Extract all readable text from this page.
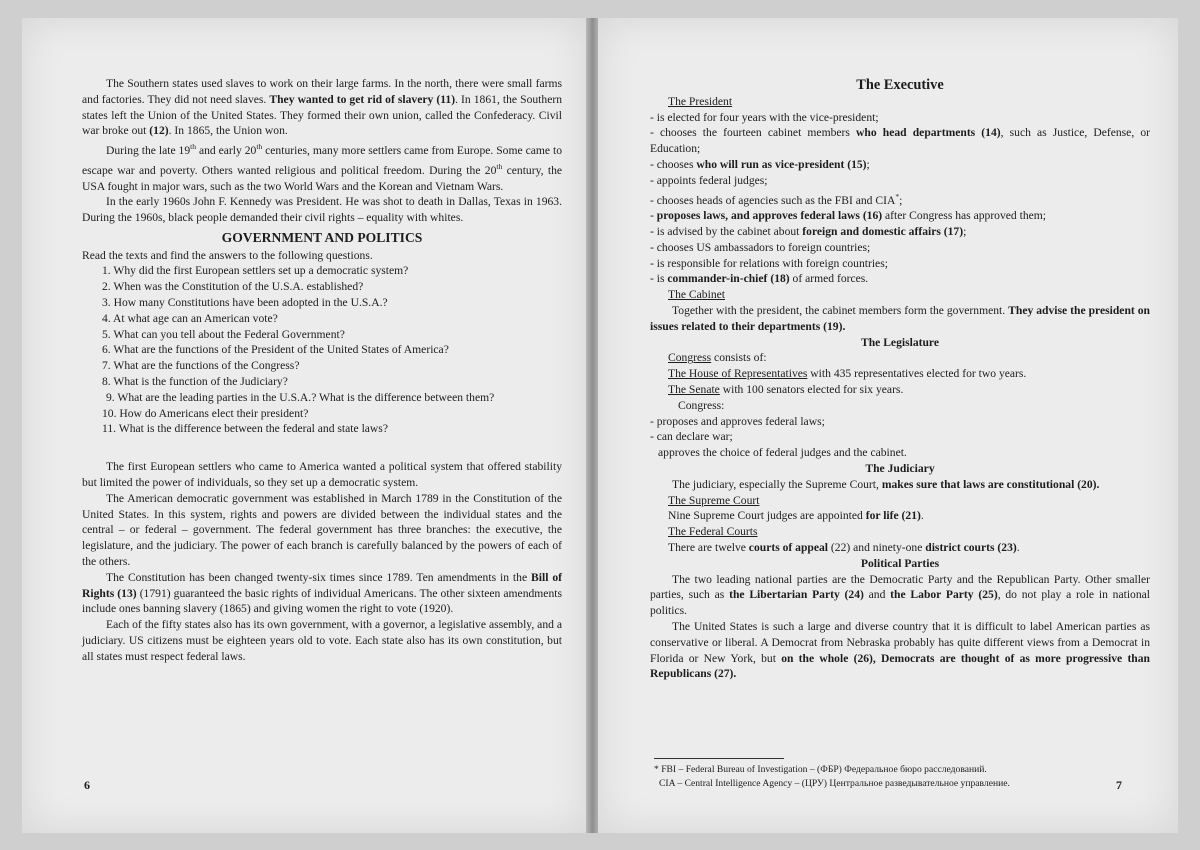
The Southern states used slaves to work on their large farms. In the north, there were small farms and factories. They did not need slaves. They wanted to get rid of slavery (11). In 1861, the Southern states left the Union of the United States. They formed their own union, called the Confederacy. Civil war broke out (12). In 1865, the Union won.

During the late 19th and early 20th centuries, many more settlers came from Europe. Some came to escape war and poverty. Others wanted religious and political freedom. During the 20th century, the USA fought in major wars, such as the two World Wars and the Korean and Vietnam Wars.

In the early 1960s John F. Kennedy was President. He was shot to death in Dallas, Texas in 1963. During the 1960s, black people demanded their civil rights – equality with whites.

GOVERNMENT AND POLITICS

Read the texts and find the answers to the following questions.

1. Why did the first European settlers set up a democratic system?

2. When was the Constitution of the U.S.A. established?

3. How many Constitutions have been adopted in the U.S.A.?

4. At what age can an American vote?

5. What can you tell about the Federal Government?

6. What are the functions of the President of the United States of America?

7. What are the functions of the Congress?

8. What is the function of the Judiciary?

9. What are the leading parties in the U.S.A.? What is the difference between them?

10. How do Americans elect their president?

11. What is the difference between the federal and state laws?

The first European settlers who came to America wanted a political system that offered stability but limited the power of individuals, so they set up a democratic system.

The American democratic government was established in March 1789 in the Constitution of the United States. In this system, rights and powers are divided between the individual states and the central – or federal – government. The federal government has three branches: the executive, the legislature, and the judiciary. The power of each branch is carefully balanced by the powers of each of the others.

The Constitution has been changed twenty-six times since 1789. Ten amendments in the Bill of Rights (13) (1791) guaranteed the basic rights of individual Americans. The other sixteen amendments include ones banning slavery (1865) and giving women the right to vote (1920).

Each of the fifty states also has its own government, with a governor, a legislative assembly, and a judiciary. US citizens must be eighteen years old to vote. Each state also has its own constitution, but all states must respect federal laws.

6
The Executive
The President

- is elected for four years with the vice-president;

- chooses the fourteen cabinet members who head departments (14), such as Justice, Defense, or Education;

- chooses who will run as vice-president (15);

- appoints federal judges;

- chooses heads of agencies such as the FBI and CIA*;

- proposes laws, and approves federal laws (16) after Congress has approved them;

- is advised by the cabinet about foreign and domestic affairs (17);

- chooses US ambassadors to foreign countries;

- is responsible for relations with foreign countries;

- is commander-in-chief (18) of armed forces.

The Cabinet

Together with the president, the cabinet members form the government. They advise the president on issues related to their departments (19).

The Legislature
Congress consists of:
The House of Representatives with 435 representatives elected for two years.
The Senate with 100 senators elected for six years.
Congress:

- proposes and approves federal laws;

- can declare war;

approves the choice of federal judges and the cabinet.

The Judiciary

The judiciary, especially the Supreme Court, makes sure that laws are constitutional (20).

The Supreme Court

Nine Supreme Court judges are appointed for life (21).

The Federal Courts

There are twelve courts of appeal (22) and ninety-one district courts (23).

Political Parties

The two leading national parties are the Democratic Party and the Republican Party. Other smaller parties, such as the Libertarian Party (24) and the Labor Party (25), do not play a role in national politics.

The United States is such a large and diverse country that it is difficult to label American parties as conservative or liberal. A Democrat from Nebraska probably has quite different views from a Democrat in Florida or New York, but on the whole (26), Democrats are thought of as more progressive than Republicans (27).

* FBI – Federal Bureau of Investigation – (ФБР) Федеральное бюро расследований.
CIA – Central Intelligence Agency – (ЦРУ) Центральное разведывательное управление.	7
